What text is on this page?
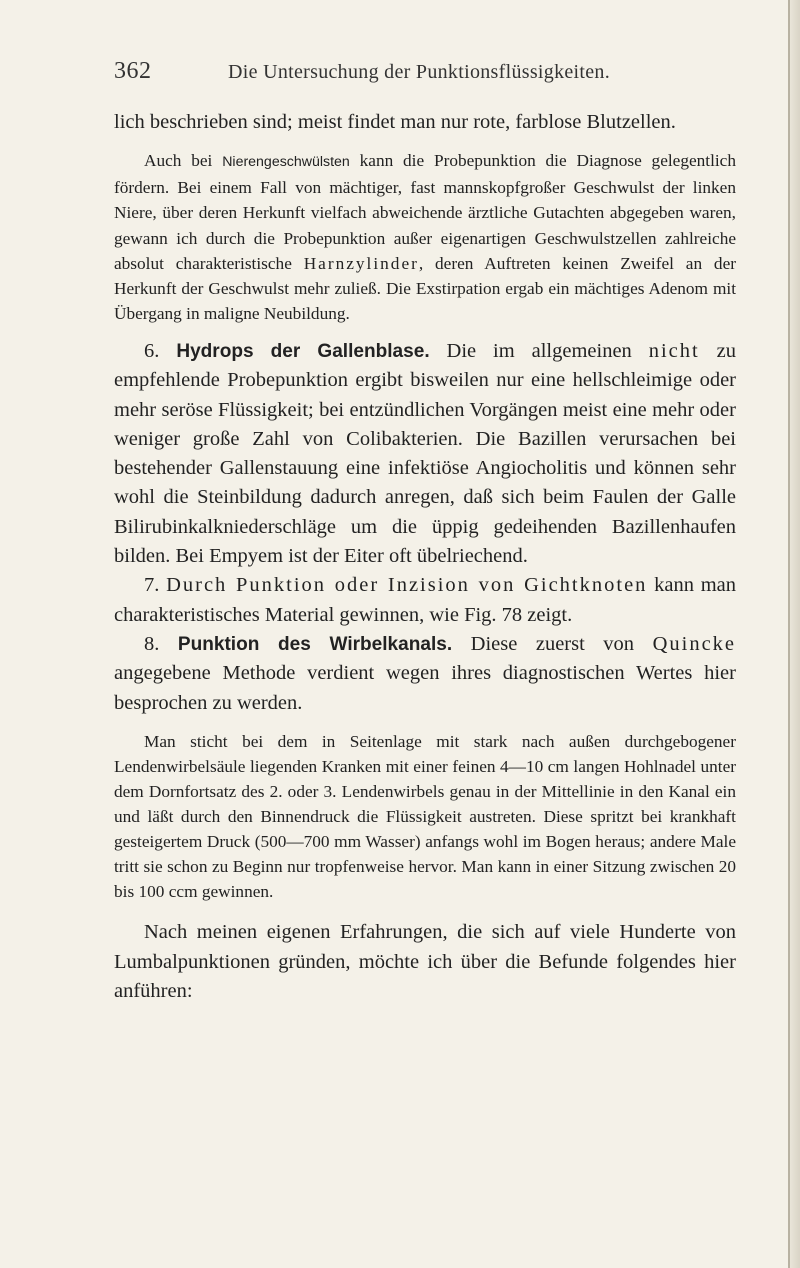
362	Die Untersuchung der Punktionsflüssigkeiten.

lich beschrieben sind; meist findet man nur rote, farblose Blutzellen.

Auch bei Nierengeschwülsten kann die Probepunktion die Diagnose gelegentlich fördern. Bei einem Fall von mächtiger, fast mannskopfgroßer Geschwulst der linken Niere, über deren Herkunft vielfach abweichende ärztliche Gutachten abgegeben waren, gewann ich durch die Probepunktion außer eigenartigen Geschwulstzellen zahlreiche absolut charakteristische Harnzylinder, deren Auftreten keinen Zweifel an der Herkunft der Geschwulst mehr zuließ. Die Exstirpation ergab ein mächtiges Adenom mit Übergang in maligne Neubildung.

6. Hydrops der Gallenblase. Die im allgemeinen nicht zu empfehlende Probepunktion ergibt bisweilen nur eine hellschleimige oder mehr seröse Flüssigkeit; bei entzündlichen Vorgängen meist eine mehr oder weniger große Zahl von Colibakterien. Die Bazillen verursachen bei bestehender Gallenstauung eine infektiöse Angiocholitis und können sehr wohl die Steinbildung dadurch anregen, daß sich beim Faulen der Galle Bilirubinkalkniederschläge um die üppig gedeihenden Bazillenhaufen bilden. Bei Empyem ist der Eiter oft übelriechend.

7. Durch Punktion oder Inzision von Gichtknoten kann man charakteristisches Material gewinnen, wie Fig. 78 zeigt.

8. Punktion des Wirbelkanals. Diese zuerst von Quincke angegebene Methode verdient wegen ihres diagnostischen Wertes hier besprochen zu werden.

Man sticht bei dem in Seitenlage mit stark nach außen durchgebogener Lendenwirbelsäule liegenden Kranken mit einer feinen 4—10 cm langen Hohlnadel unter dem Dornfortsatz des 2. oder 3. Lendenwirbels genau in der Mittellinie in den Kanal ein und läßt durch den Binnendruck die Flüssigkeit austreten. Diese spritzt bei krankhaft gesteigertem Druck (500—700 mm Wasser) anfangs wohl im Bogen heraus; andere Male tritt sie schon zu Beginn nur tropfenweise hervor. Man kann in einer Sitzung zwischen 20 bis 100 ccm gewinnen.

Nach meinen eigenen Erfahrungen, die sich auf viele Hunderte von Lumbalpunktionen gründen, möchte ich über die Befunde folgendes hier anführen:
